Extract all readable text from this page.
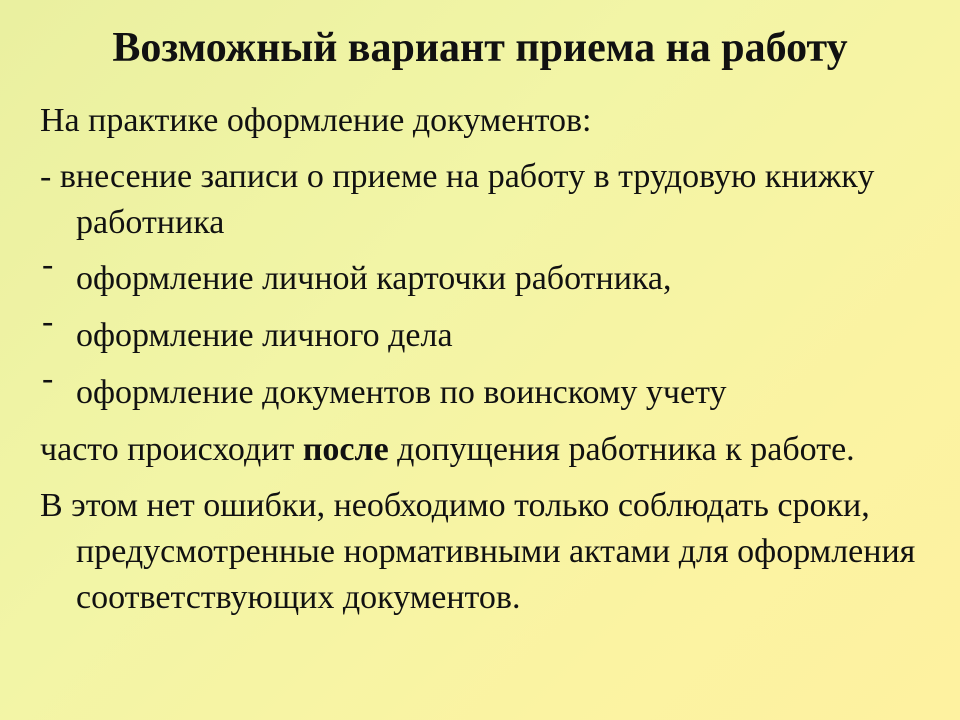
Возможный вариант приема на работу

На практике оформление документов:

- внесение записи о приеме на работу в трудовую книжку работника

- оформление личной карточки работника,
- оформление личного дела
- оформление документов по воинскому учету

часто происходит после допущения работника к работе.

В этом нет ошибки, необходимо только соблюдать сроки, предусмотренные нормативными актами для оформления соответствующих документов.
